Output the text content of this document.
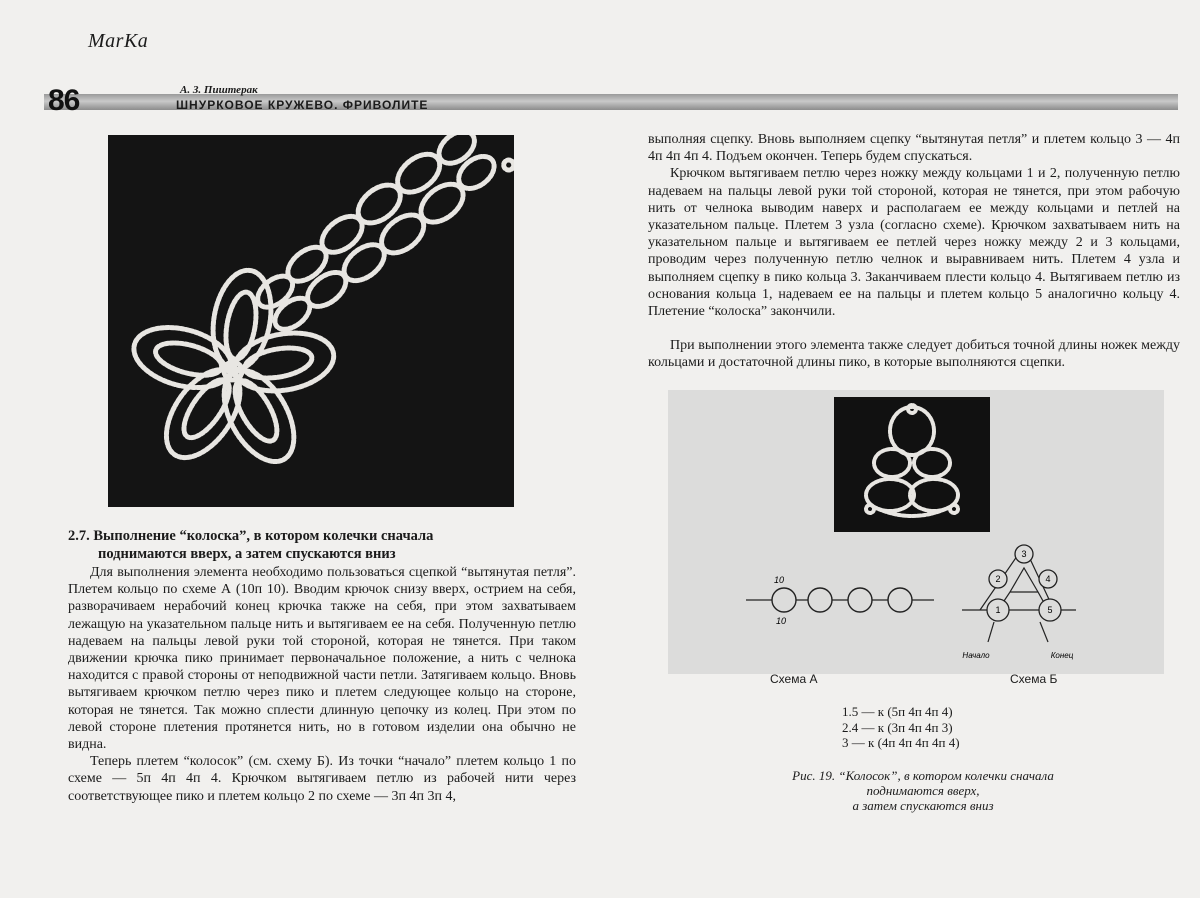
MarKa
86	А. З. Пиштерак
ШНУРКОВОЕ КРУЖЕВО. ФРИВОЛИТЕ
2.7. Выполнение “колоска”, в котором колечки сначала
поднимаются вверх, а затем спускаются вниз

Для выполнения элемента необходимо пользоваться сцепкой “вытянутая петля”. Плетем кольцо по схеме А (10п 10). Вводим крючок снизу вверх, острием на себя, разворачиваем нерабочий конец крючка также на себя, при этом захватываем лежащую на указательном пальце нить и вытягиваем ее на себя. Полученную петлю надеваем на пальцы левой руки той стороной, которая не тянется. При таком движении крючка пико принимает первоначальное положение, а нить с челнока находится с правой стороны от неподвижной части петли. Затягиваем кольцо. Вновь вытягиваем крючком петлю через пико и плетем следующее кольцо на стороне, которая не тянется. Так можно сплести длинную цепочку из колец. При этом по левой стороне плетения протянется нить, но в готовом изделии она обычно не видна.

Теперь плетем “колосок” (см. схему Б). Из точки “начало” плетем кольцо 1 по схеме — 5п 4п 4п 4. Крючком вытягиваем петлю из рабочей нити через соответствующее пико и плетем кольцо 2 по схеме — 3п 4п 3п 4,

выполняя сцепку. Вновь выполняем сцепку “вытянутая петля” и плетем кольцо 3 — 4п 4п 4п 4п 4. Подъем окончен. Теперь будем спускаться.

Крючком вытягиваем петлю через ножку между кольцами 1 и 2, полученную петлю надеваем на пальцы левой руки той стороной, которая не тянется, при этом рабочую нить от челнока выводим наверх и располагаем ее между кольцами и петлей на указательном пальце. Плетем 3 узла (согласно схеме). Крючком захватываем нить на указательном пальце и вытягиваем ее петлей через ножку между 2 и 3 кольцами, проводим через полученную петлю челнок и выравниваем нить. Плетем 4 узла и выполняем сцепку в пико кольца 3. Заканчиваем плести кольцо 4. Вытягиваем петлю из основания кольца 1, надеваем ее на пальцы и плетем кольцо 5 аналогично кольцу 4. Плетение “колоска” закончили.

При выполнении этого элемента также следует добиться точной длины ножек между кольцами и достаточной длины пико, в которые выполняются сцепки.

10
10
3
2	4
1	5
Начало	Конец
Схема А	Схема Б
1.5 — к (5п 4п 4п 4)
2.4 — к (3п 4п 4п 3)
3 — к (4п 4п 4п 4п 4)
Рис. 19. “Колосок”, в котором колечки сначала
поднимаются вверх,
а затем спускаются вниз
